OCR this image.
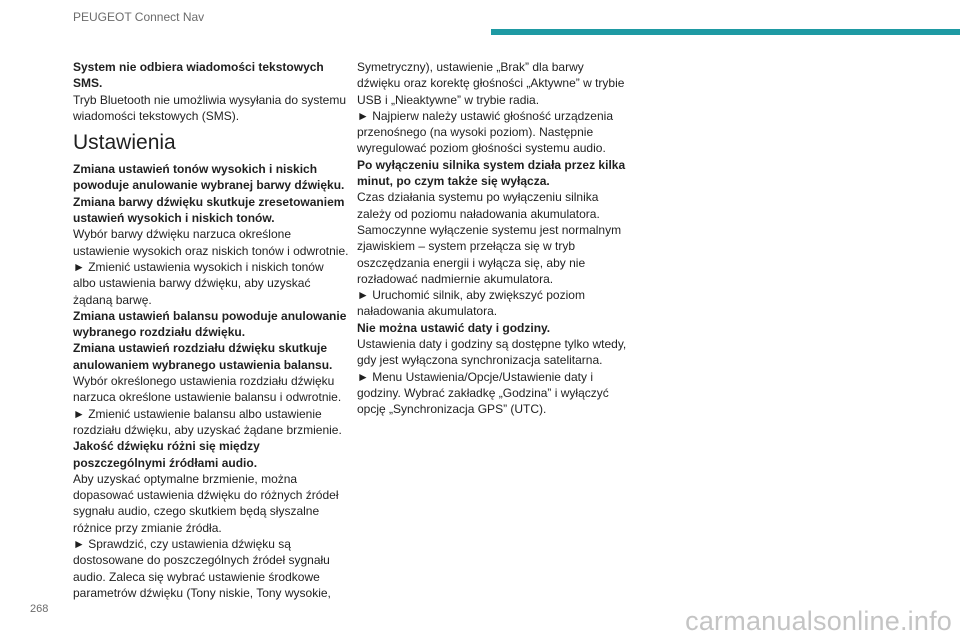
PEUGEOT Connect Nav

System nie odbiera wiadomości tekstowych SMS.

Tryb Bluetooth nie umożliwia wysyłania do systemu wiadomości tekstowych (SMS).

Ustawienia

Zmiana ustawień tonów wysokich i niskich powoduje anulowanie wybranej barwy dźwięku.

Zmiana barwy dźwięku skutkuje zresetowaniem ustawień wysokich i niskich tonów.

Wybór barwy dźwięku narzuca określone ustawienie wysokich oraz niskich tonów i odwrotnie.

► Zmienić ustawienia wysokich i niskich tonów albo ustawienia barwy dźwięku, aby uzyskać żądaną barwę.

Zmiana ustawień balansu powoduje anulowanie wybranego rozdziału dźwięku.

Zmiana ustawień rozdziału dźwięku skutkuje anulowaniem wybranego ustawienia balansu.

Wybór określonego ustawienia rozdziału dźwięku narzuca określone ustawienie balansu i odwrotnie.

► Zmienić ustawienie balansu albo ustawienie rozdziału dźwięku, aby uzyskać żądane brzmienie.

Jakość dźwięku różni się między poszczególnymi źródłami audio.

Aby uzyskać optymalne brzmienie, można dopasować ustawienia dźwięku do różnych źródeł sygnału audio, czego skutkiem będą słyszalne różnice przy zmianie źródła.

► Sprawdzić, czy ustawienia dźwięku są dostosowane do poszczególnych źródeł sygnału audio. Zaleca się wybrać ustawienie środkowe parametrów dźwięku (Tony niskie, Tony wysokie,

Symetryczny), ustawienie „Brak” dla barwy dźwięku oraz korektę głośności „Aktywne” w trybie USB i „Nieaktywne” w trybie radia.

► Najpierw należy ustawić głośność urządzenia przenośnego (na wysoki poziom). Następnie wyregulować poziom głośności systemu audio.

Po wyłączeniu silnika system działa przez kilka minut, po czym także się wyłącza.

Czas działania systemu po wyłączeniu silnika zależy od poziomu naładowania akumulatora.

Samoczynne wyłączenie systemu jest normalnym zjawiskiem – system przełącza się w tryb oszczędzania energii i wyłącza się, aby nie rozładować nadmiernie akumulatora.

► Uruchomić silnik, aby zwiększyć poziom naładowania akumulatora.

Nie można ustawić daty i godziny.

Ustawienia daty i godziny są dostępne tylko wtedy, gdy jest wyłączona synchronizacja satelitarna.

► Menu Ustawienia/Opcje/Ustawienie daty i godziny. Wybrać zakładkę „Godzina” i wyłączyć opcję „Synchronizacja GPS” (UTC).

268	carmanualsonline.info
